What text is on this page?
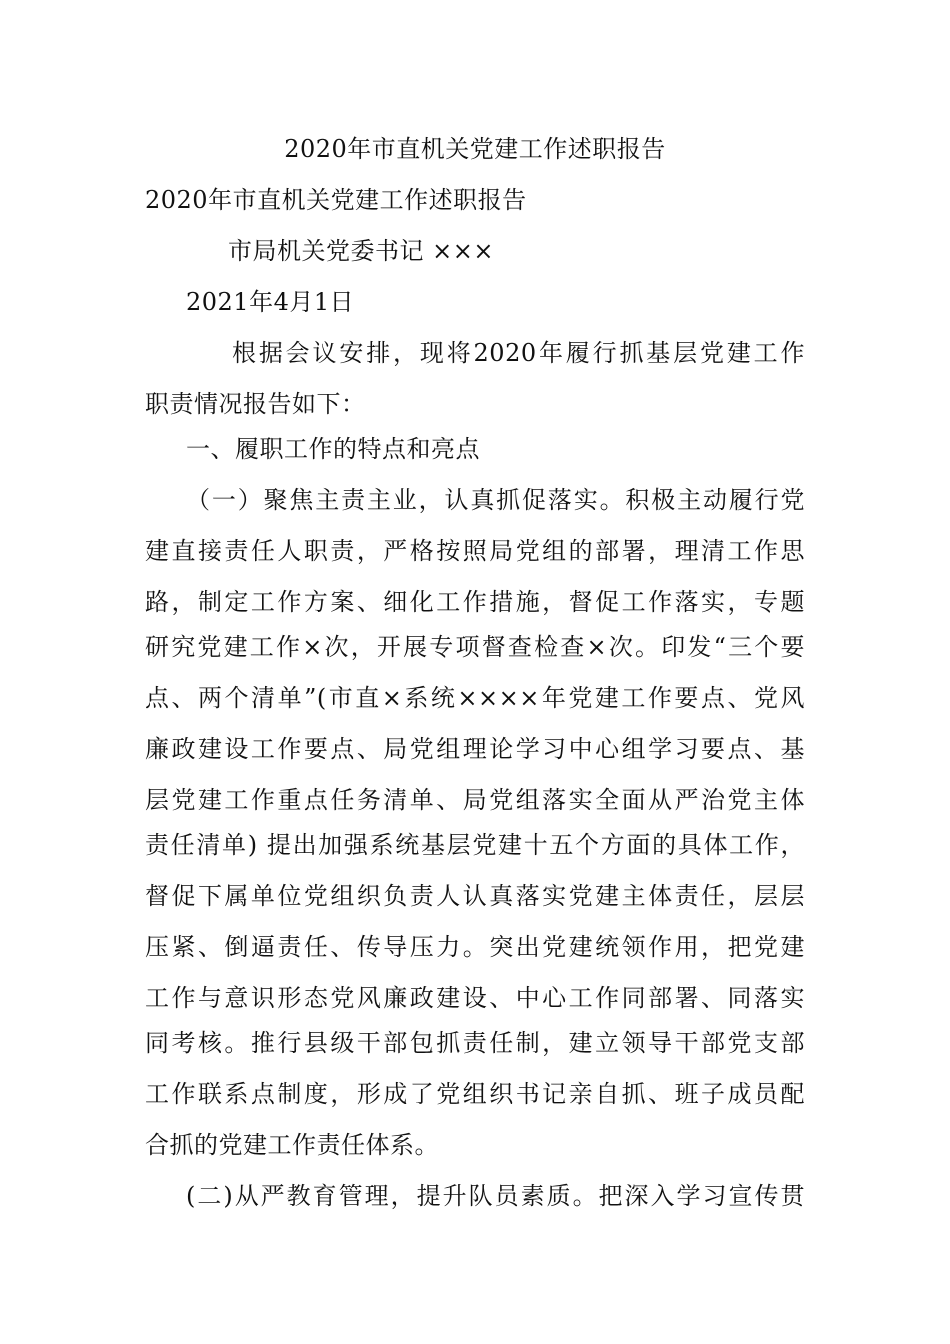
2020年市直机关党建工作述职报告
2020年市直机关党建工作述职报告
市局机关党委书记 ×××
2021年4月1日
根据会议安排，现将2020年履行抓基层党建工作
职责情况报告如下：
一、履职工作的特点和亮点
（一）聚焦主责主业，认真抓促落实。积极主动履行党
建直接责任人职责，严格按照局党组的部署，理清工作思
路，制定工作方案、细化工作措施，督促工作落实，专题
研究党建工作×次，开展专项督查检查×次。印发“三个要
点、两个清单”(市直×系统××××年党建工作要点、党风
廉政建设工作要点、局党组理论学习中心组学习要点、基
层党建工作重点任务清单、局党组落实全面从严治党主体
责任清单) 提出加强系统基层党建十五个方面的具体工作，
督促下属单位党组织负责人认真落实党建主体责任，层层
压紧、倒逼责任、传导压力。突出党建统领作用，把党建
工作与意识形态党风廉政建设、中心工作同部署、同落实
同考核。推行县级干部包抓责任制，建立领导干部党支部
工作联系点制度，形成了党组织书记亲自抓、班子成员配
合抓的党建工作责任体系。
(二)从严教育管理，提升队员素质。把深入学习宣传贯
